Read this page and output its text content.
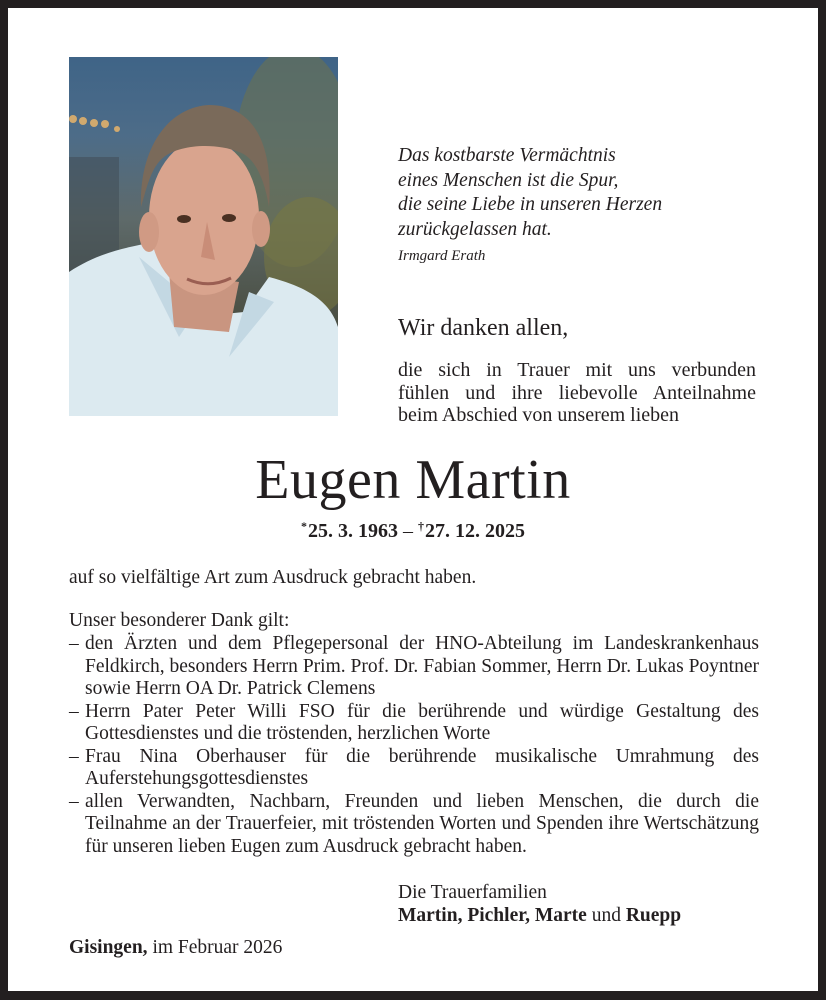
Das kostbarste Vermächtnis
eines Menschen ist die Spur,
die seine Liebe in unseren Herzen
zurückgelassen hat.
Irmgard Erath
Wir danken allen,
die sich in Trauer mit uns verbunden
fühlen und ihre liebevolle Anteilnahme
beim Abschied von unserem lieben
Eugen Martin
*25. 3. 1963 – †27. 12. 2025
auf so vielfältige Art zum Ausdruck gebracht haben.
Unser besonderer Dank gilt:
– den Ärzten und dem Pflegepersonal der HNO-Abteilung im Landeskrankenhaus Feldkirch, besonders Herrn Prim. Prof. Dr. Fabian Sommer, Herrn Dr. Lukas Poyntner sowie Herrn OA Dr. Patrick Clemens
– Herrn Pater Peter Willi FSO für die berührende und würdige Gestaltung des Gottesdienstes und die tröstenden, herzlichen Worte
– Frau Nina Oberhauser für die berührende musikalische Umrahmung des Auferstehungsgottesdienstes
– allen Verwandten, Nachbarn, Freunden und lieben Menschen, die durch die Teilnahme an der Trauerfeier, mit tröstenden Worten und Spenden ihre Wertschätzung für unseren lieben Eugen zum Ausdruck gebracht haben.
Die Trauerfamilien
Martin, Pichler, Marte und Ruepp
Gisingen, im Februar 2026
